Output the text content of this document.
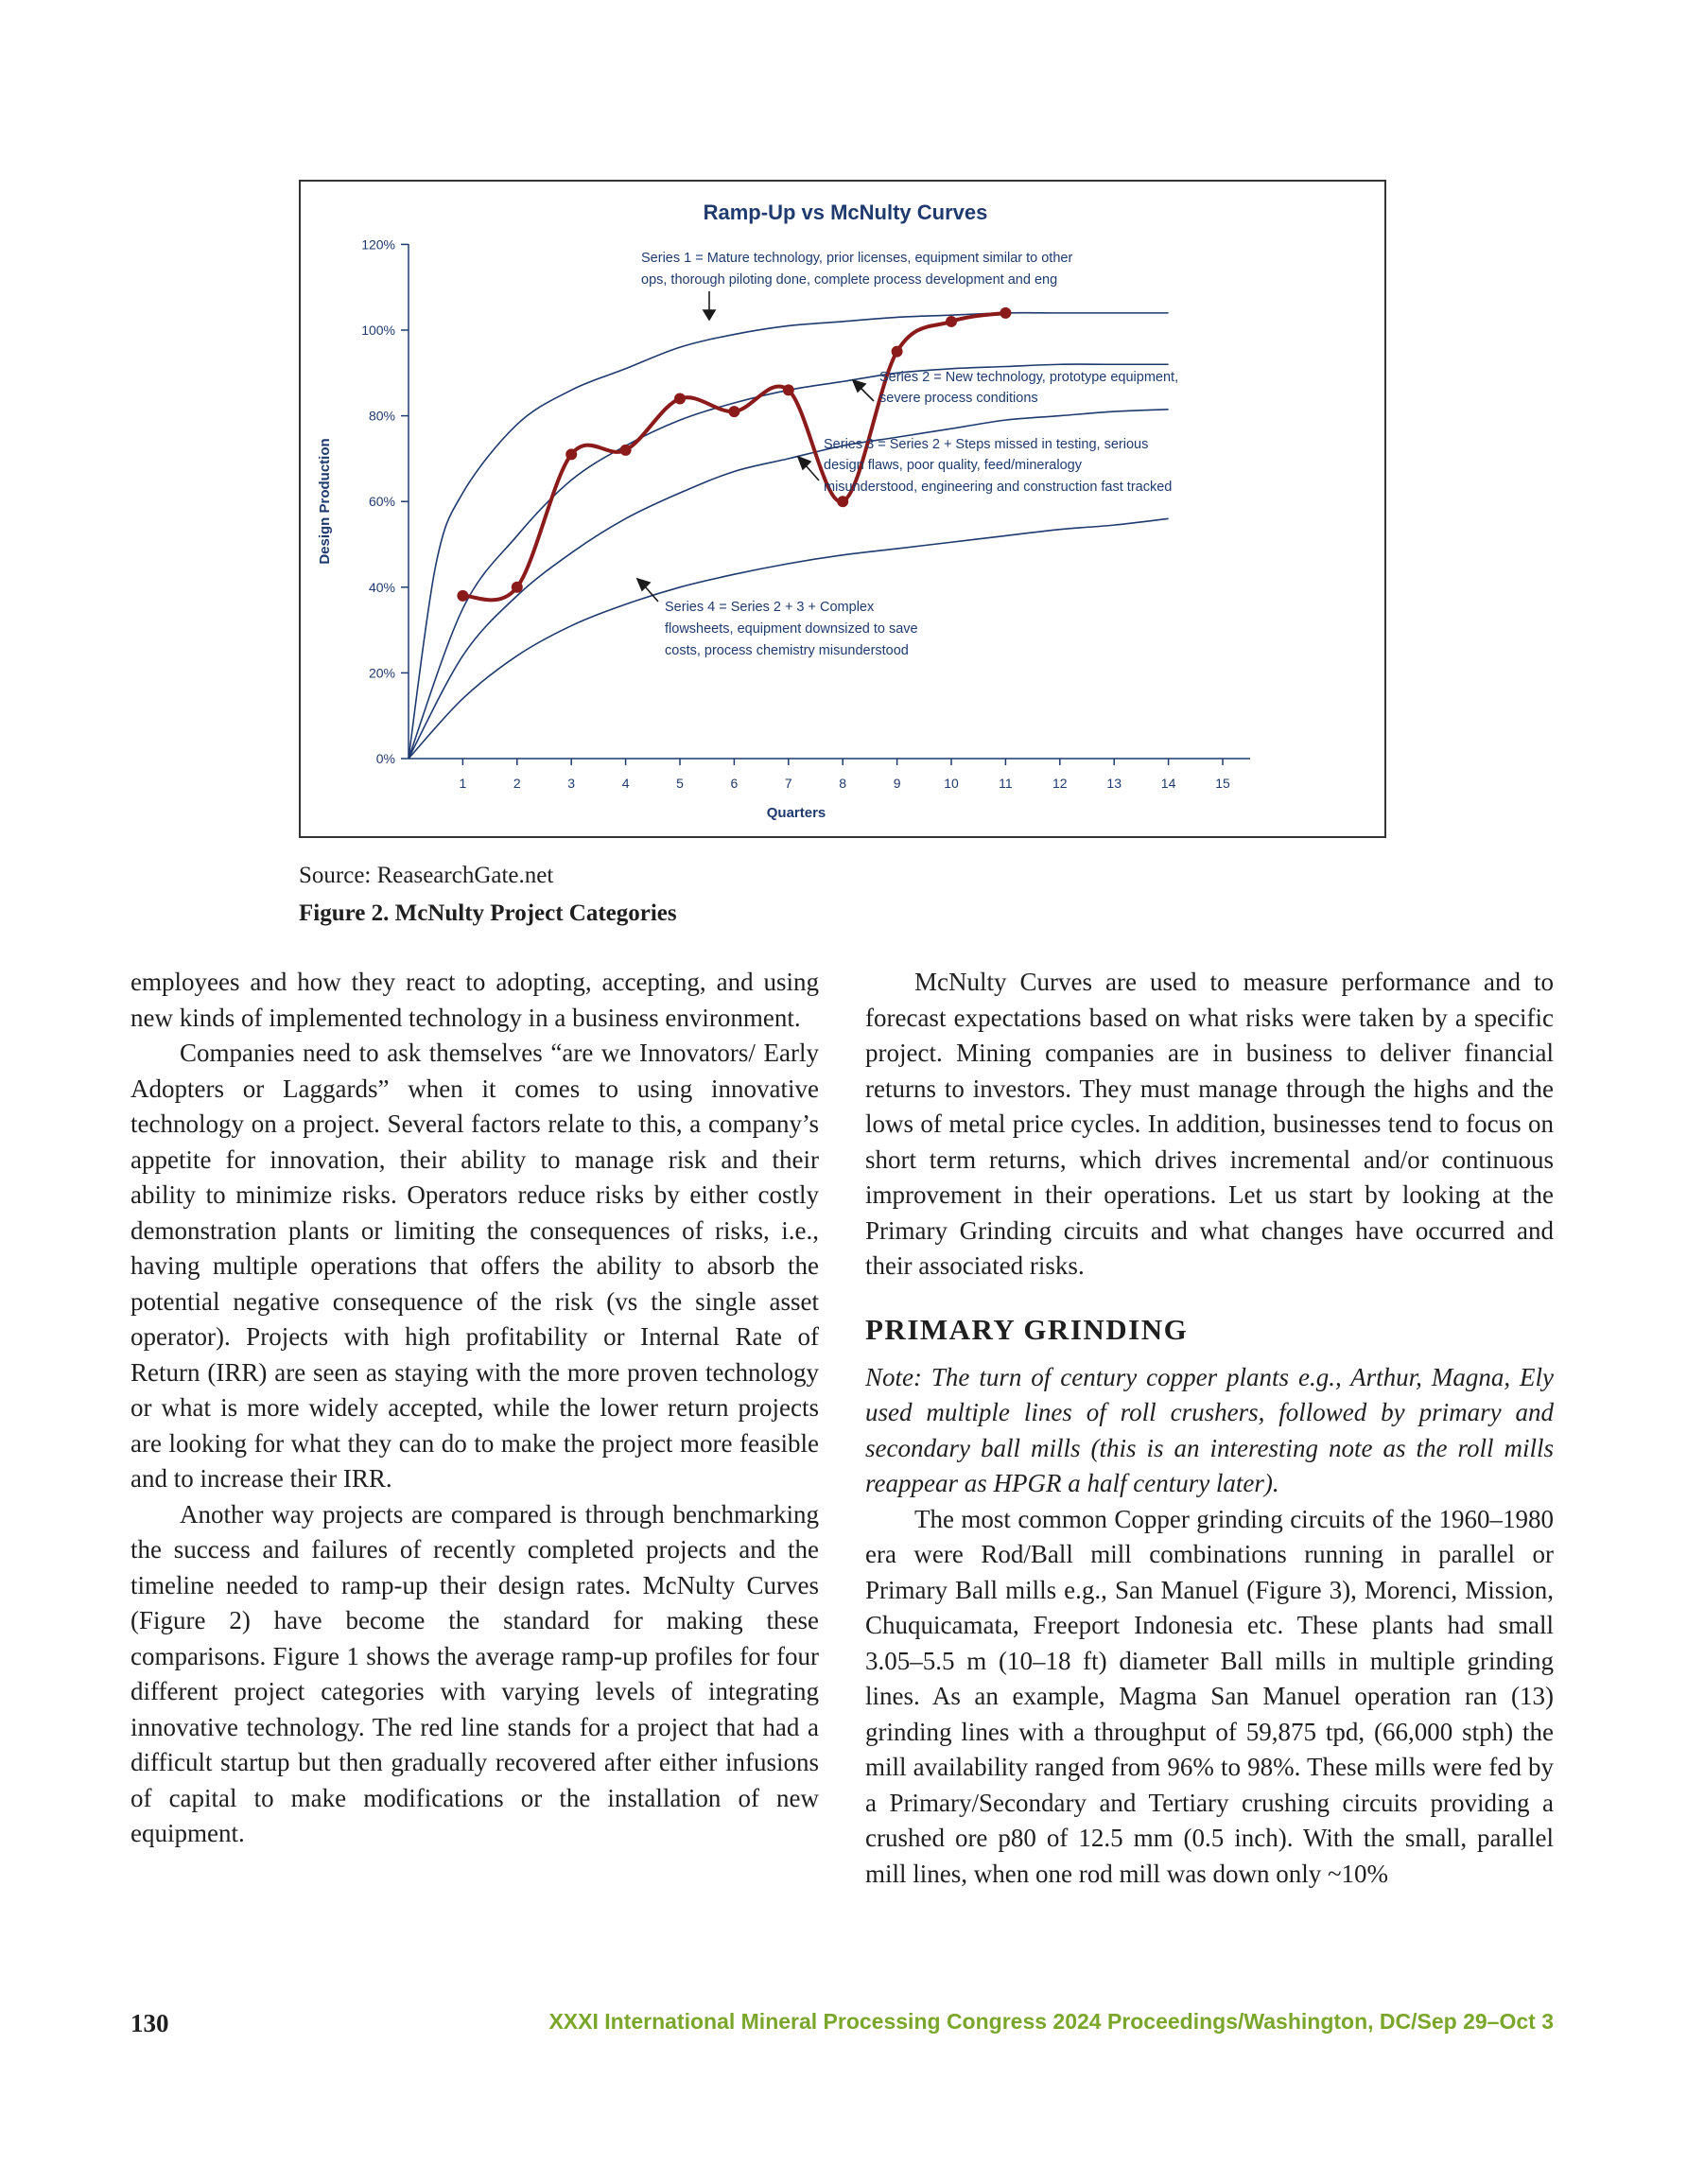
Ramp-Up vs McNulty Curves
0%
20%
40%
60%
80%
100%
120%
1	2	3	4	5	6	7	8	9	10	11	12	13	14	15
Design Production
Quarters
Series 1 = Mature technology, prior licenses, equipment similar to other ops, thorough piloting done, complete process development and eng
Series 2 = New technology, prototype equipment, severe process conditions
Series 3 = Series 2 + Steps missed in testing, serious design flaws, poor quality, feed/mineralogy misunderstood, engineering and construction fast tracked
Series 4 = Series 2 + 3 + Complex flowsheets, equipment downsized to save costs, process chemistry misunderstood
Source: ReasearchGate.net
Figure 2. McNulty Project Categories

employees and how they react to adopting, accepting, and using new kinds of implemented technology in a business environment.

Companies need to ask themselves “are we Innovators/ Early Adopters or Laggards” when it comes to using innovative technology on a project. Several factors relate to this, a company’s appetite for innovation, their ability to manage risk and their ability to minimize risks. Operators reduce risks by either costly demonstration plants or limiting the consequences of risks, i.e., having multiple operations that offers the ability to absorb the potential negative consequence of the risk (vs the single asset operator). Projects with high profitability or Internal Rate of Return (IRR) are seen as staying with the more proven technology or what is more widely accepted, while the lower return projects are looking for what they can do to make the project more feasible and to increase their IRR.

Another way projects are compared is through benchmarking the success and failures of recently completed projects and the timeline needed to ramp-up their design rates. McNulty Curves (Figure 2) have become the standard for making these comparisons. Figure 1 shows the average ramp-up profiles for four different project categories with varying levels of integrating innovative technology. The red line stands for a project that had a difficult startup but then gradually recovered after either infusions of capital to make modifications or the installation of new equipment.

McNulty Curves are used to measure performance and to forecast expectations based on what risks were taken by a specific project. Mining companies are in business to deliver financial returns to investors. They must manage through the highs and the lows of metal price cycles. In addition, businesses tend to focus on short term returns, which drives incremental and/or continuous improvement in their operations. Let us start by looking at the Primary Grinding circuits and what changes have occurred and their associated risks.

PRIMARY GRINDING

Note: The turn of century copper plants e.g., Arthur, Magna, Ely used multiple lines of roll crushers, followed by primary and secondary ball mills (this is an interesting note as the roll mills reappear as HPGR a half century later).

The most common Copper grinding circuits of the 1960–1980 era were Rod/Ball mill combinations running in parallel or Primary Ball mills e.g., San Manuel (Figure 3), Morenci, Mission, Chuquicamata, Freeport Indonesia etc. These plants had small 3.05–5.5 m (10–18 ft) diameter Ball mills in multiple grinding lines. As an example, Magma San Manuel operation ran (13) grinding lines with a throughput of 59,875 tpd, (66,000 stph) the mill availability ranged from 96% to 98%. These mills were fed by a Primary/Secondary and Tertiary crushing circuits providing a crushed ore p80 of 12.5 mm (0.5 inch). With the small, parallel mill lines, when one rod mill was down only ~10%

130	XXXI International Mineral Processing Congress 2024 Proceedings/Washington, DC/Sep 29–Oct 3
